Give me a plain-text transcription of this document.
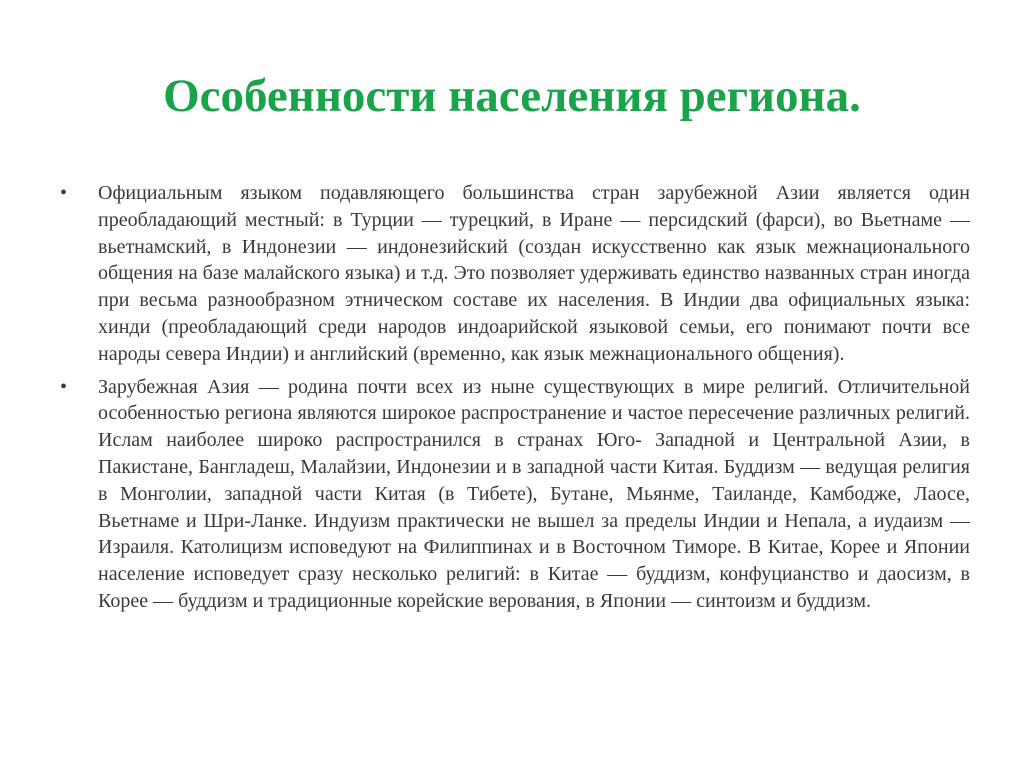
Особенности населения региона.
•	Официальным языком подавляющего большинства стран зарубежной Азии является один преобладающий местный: в Турции — турецкий, в Иране — персидский (фарси), во Вьетнаме — вьетнамский, в Индонезии — индонезийский (создан искусственно как язык межнационального общения на базе малайского языка) и т.д. Это позволяет удерживать единство названных стран иногда при весьма разнообразном этническом составе их населения. В Индии два официальных языка: хинди (преобладающий среди народов индоарийской языковой семьи, его понимают почти все народы севера Индии) и английский (временно, как язык межнационального общения).
•	Зарубежная Азия — родина почти всех из ныне существующих в мире религий. Отличительной особенностью региона являются широкое распространение и частое пересечение различных религий. Ислам наиболее широко распространился в странах Юго- Западной и Центральной Азии, в Пакистане, Бангладеш, Малайзии, Индонезии и в западной части Китая. Буддизм — ведущая религия в Монголии, западной части Китая (в Тибете), Бутане, Мьянме, Таиланде, Камбодже, Лаосе, Вьетнаме и Шри-Ланке. Индуизм практически не вышел за пределы Индии и Непала, а иудаизм — Израиля. Католицизм исповедуют на Филиппинах и в Восточном Тиморе. В Китае, Корее и Японии население исповедует сразу несколько религий: в Китае — буддизм, конфуцианство и даосизм, в Корее — буддизм и традиционные корейские верования, в Японии — синтоизм и буддизм.
